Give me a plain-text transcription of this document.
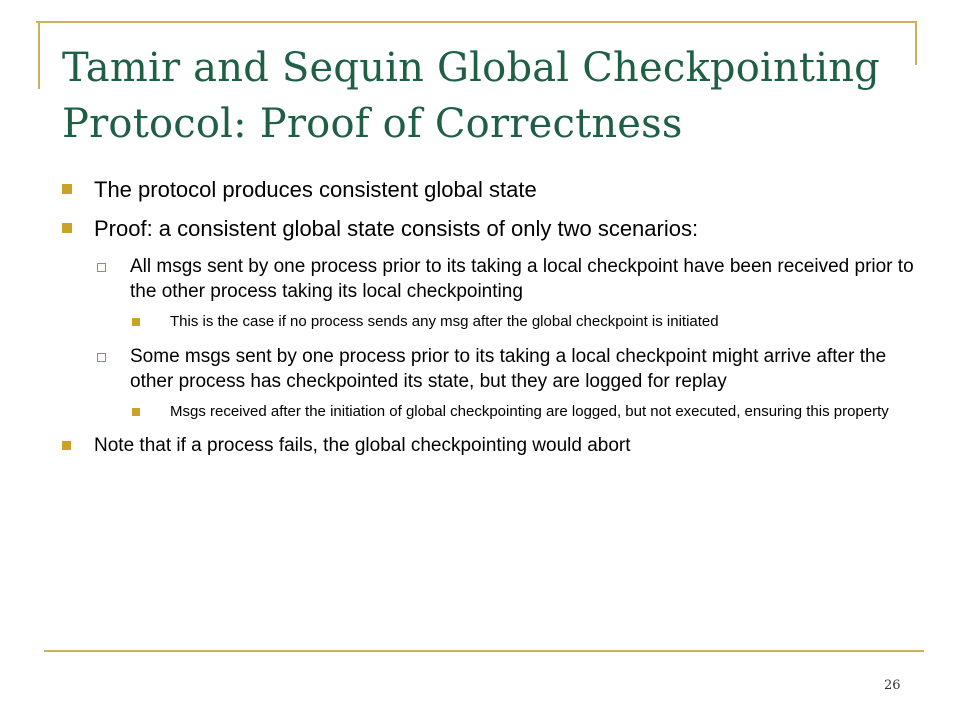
Tamir and Sequin Global Checkpointing Protocol: Proof of Correctness
The protocol produces consistent global state
Proof: a consistent global state consists of only two scenarios:
All msgs sent by one process prior to its taking a local checkpoint have been received prior to the other process taking its local checkpointing
This is the case if no process sends any msg after the global checkpoint is initiated
Some msgs sent by one process prior to its taking a local checkpoint might arrive after the other process has checkpointed its state, but they are logged for replay
Msgs received after the initiation of global checkpointing are logged, but not executed, ensuring this property
Note that if a process fails, the global checkpointing would abort
26
